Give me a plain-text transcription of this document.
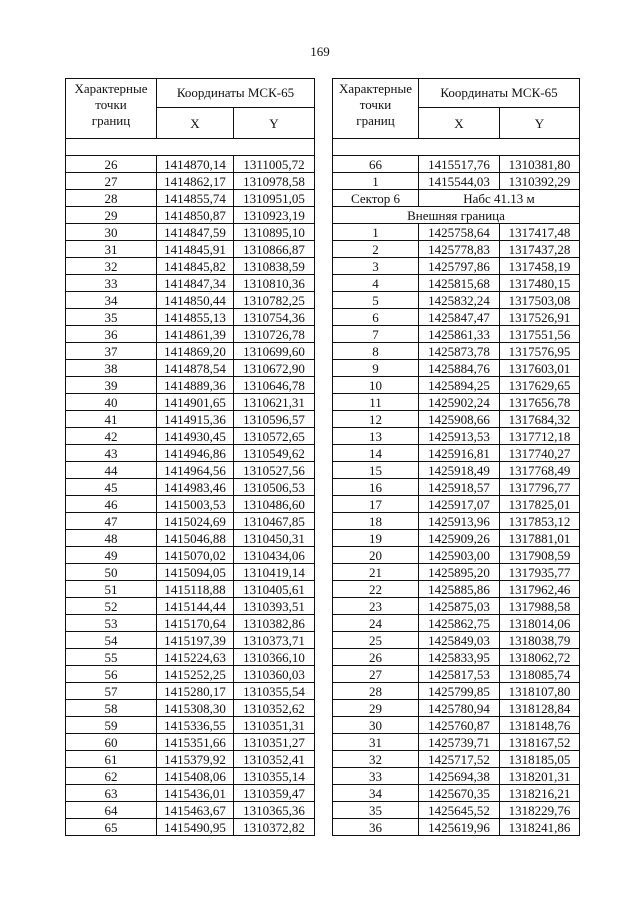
169
Характерные
точки
границ	Координаты МСК-65	
	X	Y

26	1414870,14	1311005,72
27	1414862,17	1310978,58
28	1414855,74	1310951,05
29	1414850,87	1310923,19
30	1414847,59	1310895,10
31	1414845,91	1310866,87
32	1414845,82	1310838,59
33	1414847,34	1310810,36
34	1414850,44	1310782,25
35	1414855,13	1310754,36
36	1414861,39	1310726,78
37	1414869,20	1310699,60
38	1414878,54	1310672,90
39	1414889,36	1310646,78
40	1414901,65	1310621,31
41	1414915,36	1310596,57
42	1414930,45	1310572,65
43	1414946,86	1310549,62
44	1414964,56	1310527,56
45	1414983,46	1310506,53
46	1415003,53	1310486,60
47	1415024,69	1310467,85
48	1415046,88	1310450,31
49	1415070,02	1310434,06
50	1415094,05	1310419,14
51	1415118,88	1310405,61
52	1415144,44	1310393,51
53	1415170,64	1310382,86
54	1415197,39	1310373,71
55	1415224,63	1310366,10
56	1415252,25	1310360,03
57	1415280,17	1310355,54
58	1415308,30	1310352,62
59	1415336,55	1310351,31
60	1415351,66	1310351,27
61	1415379,92	1310352,41
62	1415408,06	1310355,14
63	1415436,01	1310359,47
64	1415463,67	1310365,36
65	1415490,95	1310372,82
Характерные
точки
границ	Координаты МСК-65	
	X	Y

66	1415517,76	1310381,80
1	1415544,03	1310392,29
Сектор 6	Набс 41.13 м	
Внешняя граница		
1	1425758,64	1317417,48
2	1425778,83	1317437,28
3	1425797,86	1317458,19
4	1425815,68	1317480,15
5	1425832,24	1317503,08
6	1425847,47	1317526,91
7	1425861,33	1317551,56
8	1425873,78	1317576,95
9	1425884,76	1317603,01
10	1425894,25	1317629,65
11	1425902,24	1317656,78
12	1425908,66	1317684,32
13	1425913,53	1317712,18
14	1425916,81	1317740,27
15	1425918,49	1317768,49
16	1425918,57	1317796,77
17	1425917,07	1317825,01
18	1425913,96	1317853,12
19	1425909,26	1317881,01
20	1425903,00	1317908,59
21	1425895,20	1317935,77
22	1425885,86	1317962,46
23	1425875,03	1317988,58
24	1425862,75	1318014,06
25	1425849,03	1318038,79
26	1425833,95	1318062,72
27	1425817,53	1318085,74
28	1425799,85	1318107,80
29	1425780,94	1318128,84
30	1425760,87	1318148,76
31	1425739,71	1318167,52
32	1425717,52	1318185,05
33	1425694,38	1318201,31
34	1425670,35	1318216,21
35	1425645,52	1318229,76
36	1425619,96	1318241,86
